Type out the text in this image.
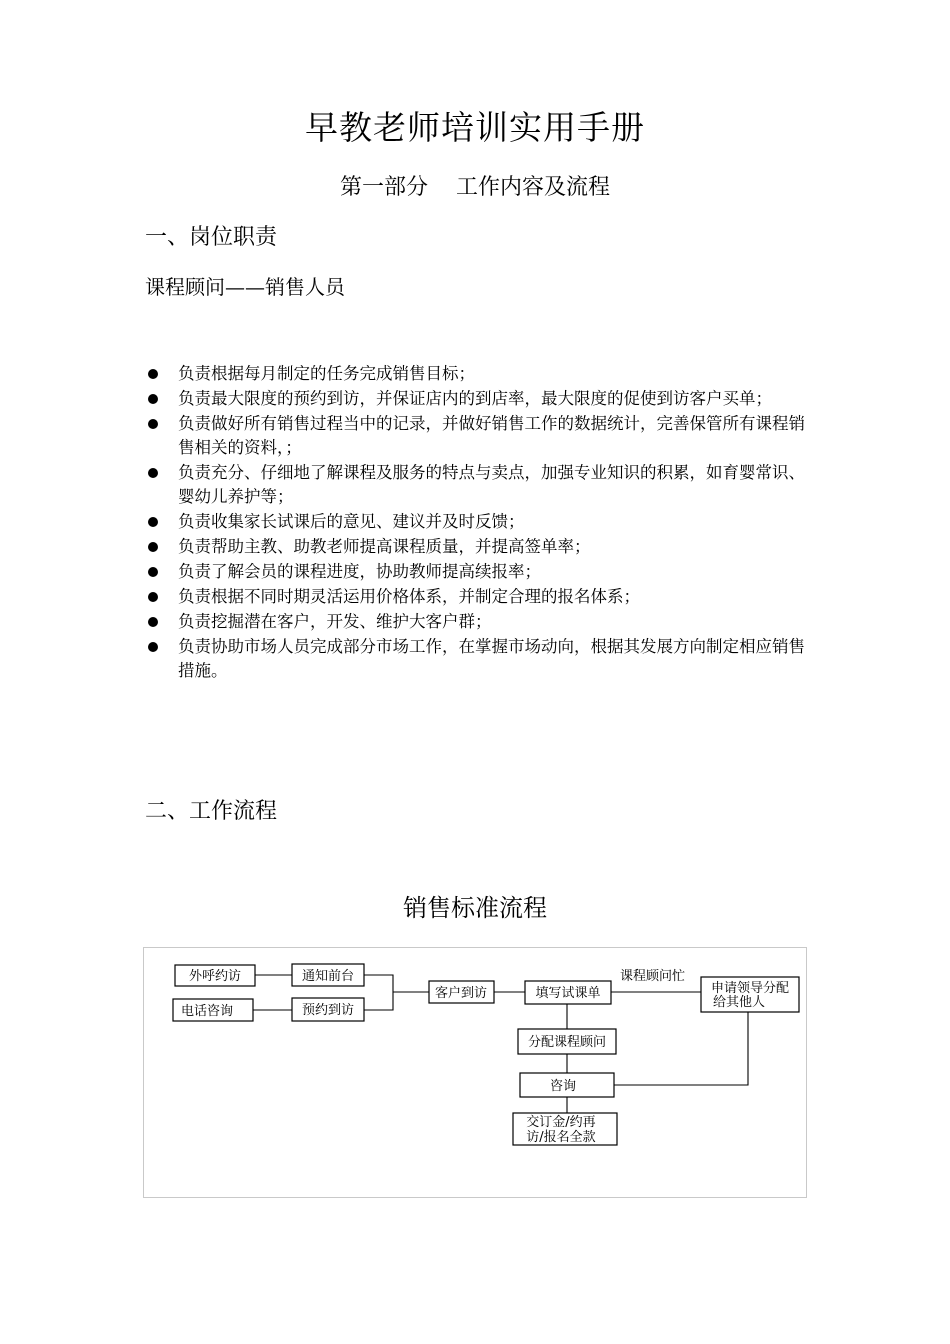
早教老师培训实用手册
第一部分    工作内容及流程
一、岗位职责
课程顾问——销售人员
负责根据每月制定的任务完成销售目标；
负责最大限度的预约到访，并保证店内的到店率，最大限度的促使到访客户买单；
负责做好所有销售过程当中的记录，并做好销售工作的数据统计，完善保管所有课程销售相关的资料，；
负责充分、仔细地了解课程及服务的特点与卖点，加强专业知识的积累，如育婴常识、婴幼儿养护等；
负责收集家长试课后的意见、建议并及时反馈；
负责帮助主教、助教老师提高课程质量，并提高签单率；
负责了解会员的课程进度，协助教师提高续报率；
负责根据不同时期灵活运用价格体系，并制定合理的报名体系；
负责挖掘潜在客户，开发、维护大客户群；
负责协助市场人员完成部分市场工作，在掌握市场动向，根据其发展方向制定相应销售措施。
二、工作流程
销售标准流程
外呼约访
电话咨询
通知前台
预约到访
客户到访	填写试课单
课程顾问忙
申请领导分配
给其他人
分配课程顾问
咨询
交订金/约再
访/报名全款
